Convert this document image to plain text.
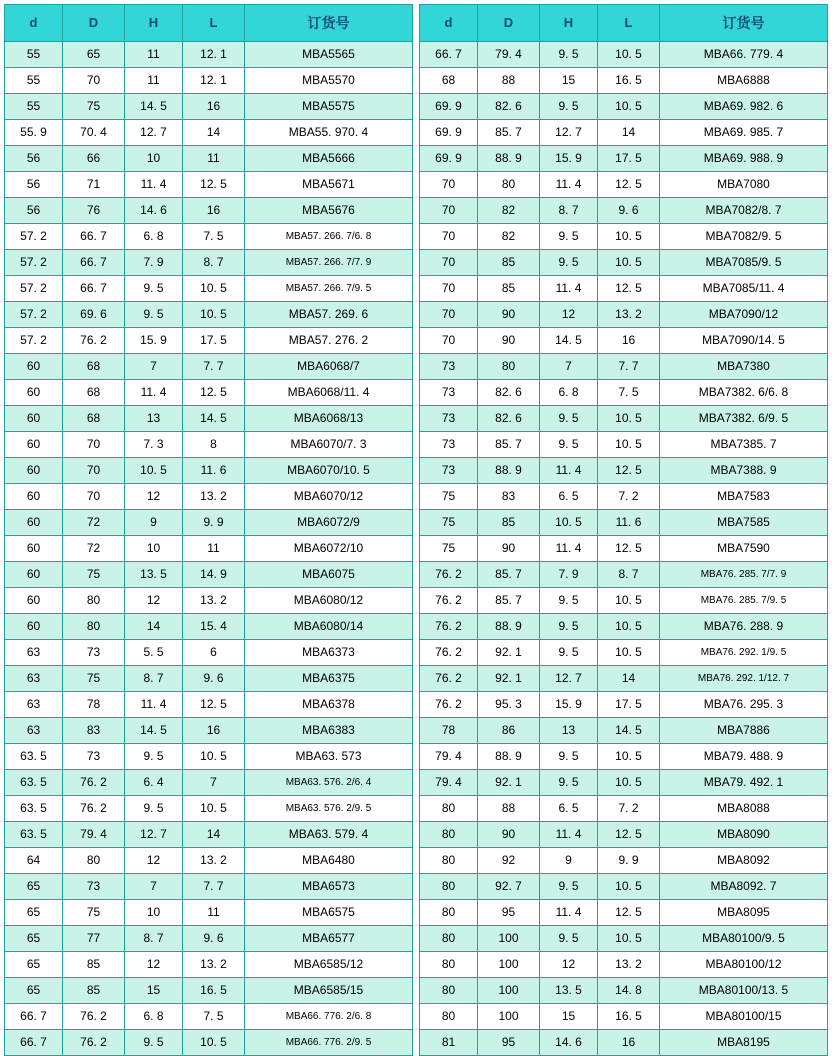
d	D	H	L	订货号
55	65	11	12. 1	MBA5565
55	70	11	12. 1	MBA5570
55	75	14. 5	16	MBA5575
55. 9	70. 4	12. 7	14	MBA55. 970. 4
56	66	10	11	MBA5666
56	71	11. 4	12. 5	MBA5671
56	76	14. 6	16	MBA5676
57. 2	66. 7	6. 8	7. 5	MBA57. 266. 7/6. 8
57. 2	66. 7	7. 9	8. 7	MBA57. 266. 7/7. 9
57. 2	66. 7	9. 5	10. 5	MBA57. 266. 7/9. 5
57. 2	69. 6	9. 5	10. 5	MBA57. 269. 6
57. 2	76. 2	15. 9	17. 5	MBA57. 276. 2
60	68	7	7. 7	MBA6068/7
60	68	11. 4	12. 5	MBA6068/11. 4
60	68	13	14. 5	MBA6068/13
60	70	7. 3	8	MBA6070/7. 3
60	70	10. 5	11. 6	MBA6070/10. 5
60	70	12	13. 2	MBA6070/12
60	72	9	9. 9	MBA6072/9
60	72	10	11	MBA6072/10
60	75	13. 5	14. 9	MBA6075
60	80	12	13. 2	MBA6080/12
60	80	14	15. 4	MBA6080/14
63	73	5. 5	6	MBA6373
63	75	8. 7	9. 6	MBA6375
63	78	11. 4	12. 5	MBA6378
63	83	14. 5	16	MBA6383
63. 5	73	9. 5	10. 5	MBA63. 573
63. 5	76. 2	6. 4	7	MBA63. 576. 2/6. 4
63. 5	76. 2	9. 5	10. 5	MBA63. 576. 2/9. 5
63. 5	79. 4	12. 7	14	MBA63. 579. 4
64	80	12	13. 2	MBA6480
65	73	7	7. 7	MBA6573
65	75	10	11	MBA6575
65	77	8. 7	9. 6	MBA6577
65	85	12	13. 2	MBA6585/12
65	85	15	16. 5	MBA6585/15
66. 7	76. 2	6. 8	7. 5	MBA66. 776. 2/6. 8
66. 7	76. 2	9. 5	10. 5	MBA66. 776. 2/9. 5
d	D	H	L	订货号
66. 7	79. 4	9. 5	10. 5	MBA66. 779. 4
68	88	15	16. 5	MBA6888
69. 9	82. 6	9. 5	10. 5	MBA69. 982. 6
69. 9	85. 7	12. 7	14	MBA69. 985. 7
69. 9	88. 9	15. 9	17. 5	MBA69. 988. 9
70	80	11. 4	12. 5	MBA7080
70	82	8. 7	9. 6	MBA7082/8. 7
70	82	9. 5	10. 5	MBA7082/9. 5
70	85	9. 5	10. 5	MBA7085/9. 5
70	85	11. 4	12. 5	MBA7085/11. 4
70	90	12	13. 2	MBA7090/12
70	90	14. 5	16	MBA7090/14. 5
73	80	7	7. 7	MBA7380
73	82. 6	6. 8	7. 5	MBA7382. 6/6. 8
73	82. 6	9. 5	10. 5	MBA7382. 6/9. 5
73	85. 7	9. 5	10. 5	MBA7385. 7
73	88. 9	11. 4	12. 5	MBA7388. 9
75	83	6. 5	7. 2	MBA7583
75	85	10. 5	11. 6	MBA7585
75	90	11. 4	12. 5	MBA7590
76. 2	85. 7	7. 9	8. 7	MBA76. 285. 7/7. 9
76. 2	85. 7	9. 5	10. 5	MBA76. 285. 7/9. 5
76. 2	88. 9	9. 5	10. 5	MBA76. 288. 9
76. 2	92. 1	9. 5	10. 5	MBA76. 292. 1/9. 5
76. 2	92. 1	12. 7	14	MBA76. 292. 1/12. 7
76. 2	95. 3	15. 9	17. 5	MBA76. 295. 3
78	86	13	14. 5	MBA7886
79. 4	88. 9	9. 5	10. 5	MBA79. 488. 9
79. 4	92. 1	9. 5	10. 5	MBA79. 492. 1
80	88	6. 5	7. 2	MBA8088
80	90	11. 4	12. 5	MBA8090
80	92	9	9. 9	MBA8092
80	92. 7	9. 5	10. 5	MBA8092. 7
80	95	11. 4	12. 5	MBA8095
80	100	9. 5	10. 5	MBA80100/9. 5
80	100	12	13. 2	MBA80100/12
80	100	13. 5	14. 8	MBA80100/13. 5
80	100	15	16. 5	MBA80100/15
81	95	14. 6	16	MBA8195
